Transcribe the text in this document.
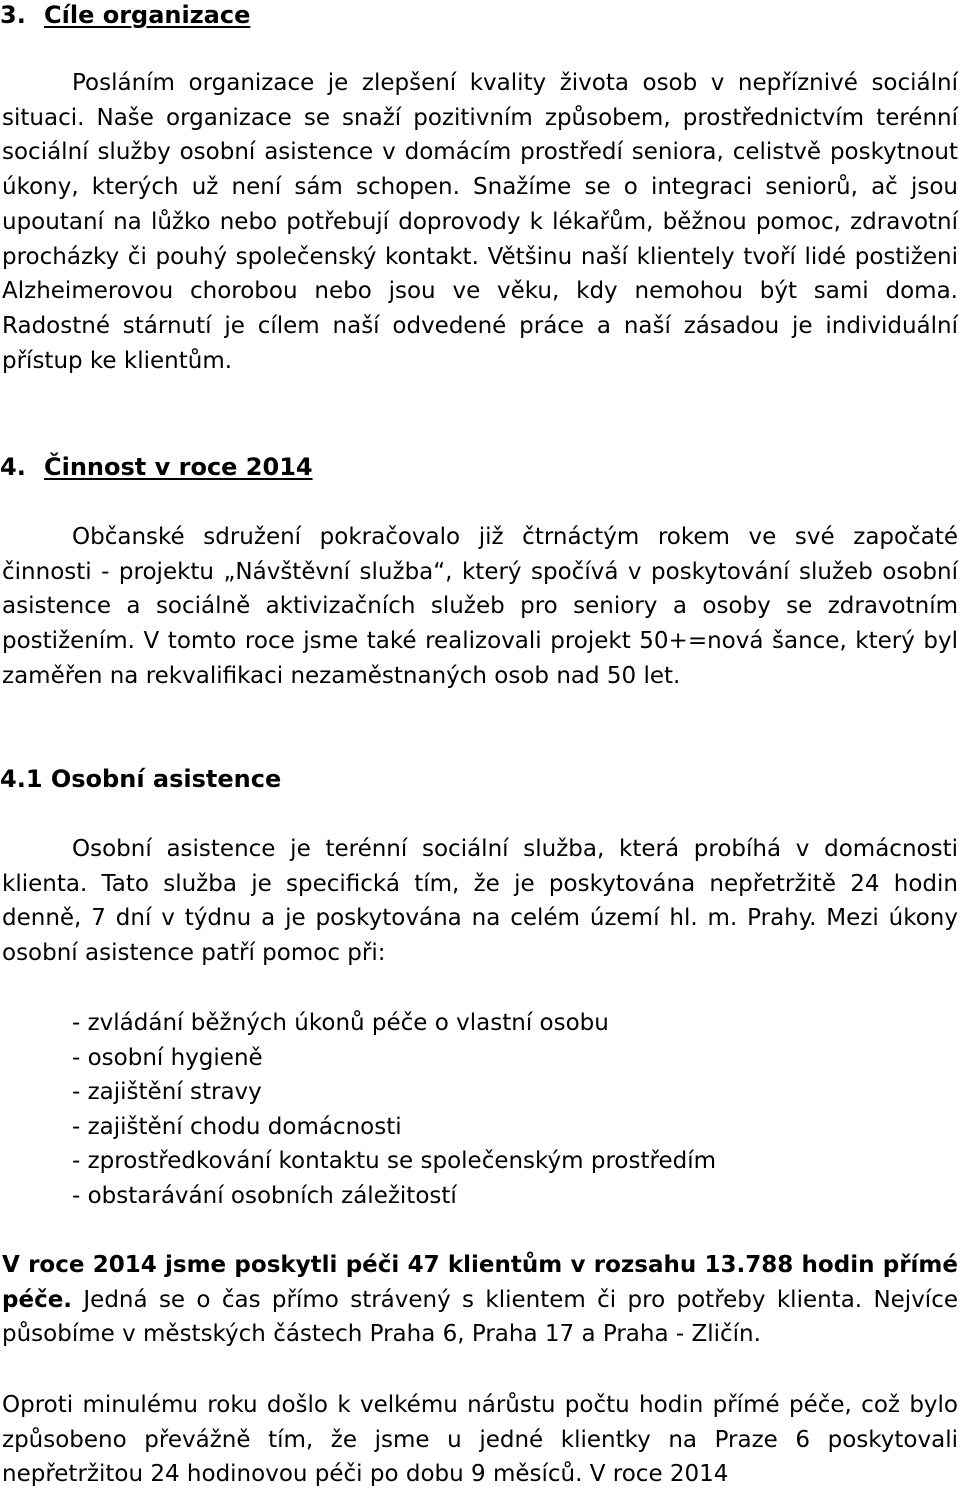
3. Cíle organizace
Posláním organizace je zlepšení kvality života osob v nepříznivé sociální situaci. Naše organizace se snaží pozitivním způsobem, prostřednictvím terénní sociální služby osobní asistence v domácím prostředí seniora, celistvě poskytnout úkony, kterých už není sám schopen. Snažíme se o integraci seniorů, ač jsou upoutaní na lůžko nebo potřebují doprovody k lékařům, běžnou pomoc, zdravotní procházky či pouhý společenský kontakt. Většinu naší klientely tvoří lidé postiženi Alzheimerovou chorobou nebo jsou ve věku, kdy nemohou být sami doma. Radostné stárnutí je cílem naší odvedené práce a naší zásadou je individuální přístup ke klientům.
4. Činnost v roce 2014
Občanské sdružení pokračovalo již čtrnáctým rokem ve své započaté činnosti - projektu „Návštěvní služba“, který spočívá v poskytování služeb osobní asistence a sociálně aktivizačních služeb pro seniory a osoby se zdravotním postižením. V tomto roce jsme také realizovali projekt 50+=nová šance, který byl zaměřen na rekvalifikaci nezaměstnaných osob nad 50 let.
4.1 Osobní asistence
Osobní asistence je terénní sociální služba, která probíhá v domácnosti klienta. Tato služba je specifická tím, že je poskytována nepřetržitě 24 hodin denně, 7 dní v týdnu a je poskytována na celém území hl. m. Prahy. Mezi úkony osobní asistence patří pomoc při:
- zvládání běžných úkonů péče o vlastní osobu
- osobní hygieně
- zajištění stravy
- zajištění chodu domácnosti
- zprostředkování kontaktu se společenským prostředím
- obstarávání osobních záležitostí
V roce 2014 jsme poskytli péči 47 klientům v rozsahu 13.788 hodin přímé péče. Jedná se o čas přímo strávený s klientem či pro potřeby klienta. Nejvíce působíme v městských částech Praha 6, Praha 17 a Praha - Zličín.
Oproti minulému roku došlo k velkému nárůstu počtu hodin přímé péče, což bylo způsobeno převážně tím, že jsme u jedné klientky na Praze 6 poskytovali nepřetržitou 24 hodinovou péči po dobu 9 měsíců. V roce 2014
